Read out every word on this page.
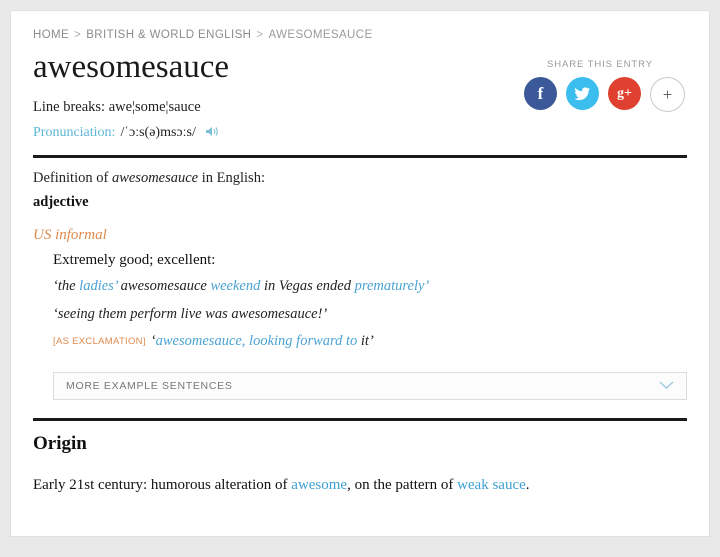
HOME > BRITISH & WORLD ENGLISH > AWESOMESAUCE
awesomesauce
Line breaks: awe¦some¦sauce
Pronunciation: /ˈɔːs(ə)msɔːs/
SHARE THIS ENTRY
f	g+ +
Definition of awesomesauce in English:
adjective
US informal
Extremely good; excellent:
‘the ladies’ awesomesauce weekend in Vegas ended prematurely’
‘seeing them perform live was awesomesauce!’
[AS EXCLAMATION] ‘awesomesauce, looking forward to it’
MORE EXAMPLE SENTENCES
Origin
Early 21st century: humorous alteration of awesome, on the pattern of weak sauce.
